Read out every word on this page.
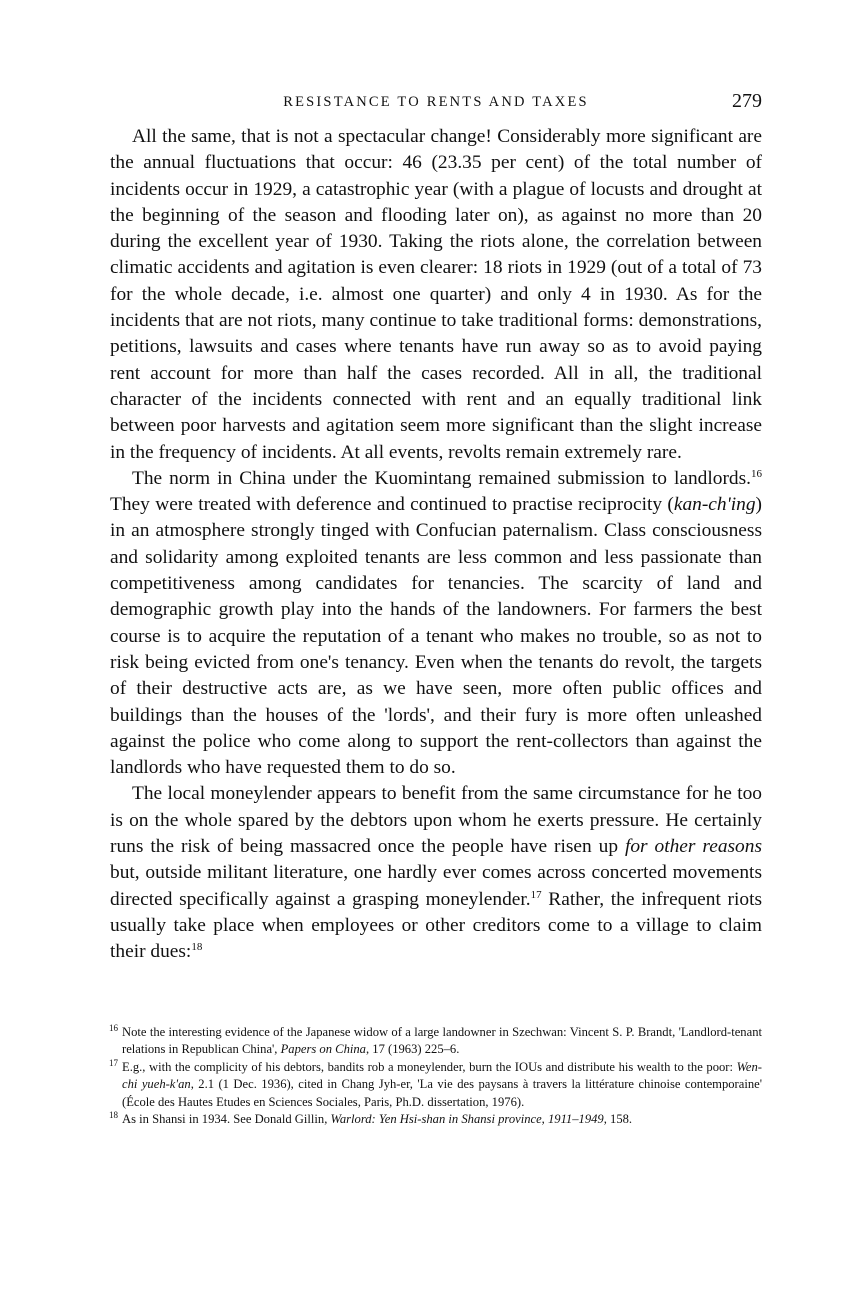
RESISTANCE TO RENTS AND TAXES	279

All the same, that is not a spectacular change! Considerably more significant are the annual fluctuations that occur: 46 (23.35 per cent) of the total number of incidents occur in 1929, a catastrophic year (with a plague of locusts and drought at the beginning of the season and flooding later on), as against no more than 20 during the excellent year of 1930. Taking the riots alone, the correlation between climatic accidents and agitation is even clearer: 18 riots in 1929 (out of a total of 73 for the whole decade, i.e. almost one quarter) and only 4 in 1930. As for the incidents that are not riots, many continue to take traditional forms: demonstrations, petitions, lawsuits and cases where tenants have run away so as to avoid paying rent account for more than half the cases recorded. All in all, the traditional character of the incidents connected with rent and an equally traditional link between poor harvests and agitation seem more significant than the slight increase in the frequency of incidents. At all events, revolts remain extremely rare.

The norm in China under the Kuomintang remained submission to landlords.$^{16}$ They were treated with deference and continued to practise reciprocity (kan-ch'ing) in an atmosphere strongly tinged with Confucian paternalism. Class consciousness and solidarity among exploited tenants are less common and less passionate than competitiveness among candidates for tenancies. The scarcity of land and demographic growth play into the hands of the landowners. For farmers the best course is to acquire the reputation of a tenant who makes no trouble, so as not to risk being evicted from one's tenancy. Even when the tenants do revolt, the targets of their destructive acts are, as we have seen, more often public offices and buildings than the houses of the 'lords', and their fury is more often unleashed against the police who come along to support the rent-collectors than against the landlords who have requested them to do so.

The local moneylender appears to benefit from the same circumstance for he too is on the whole spared by the debtors upon whom he exerts pressure. He certainly runs the risk of being massacred once the people have risen up for other reasons but, outside militant literature, one hardly ever comes across concerted movements directed specifically against a grasping moneylender.$^{17}$ Rather, the infrequent riots usually take place when employees or other creditors come to a village to claim their dues:$^{18}$

16 Note the interesting evidence of the Japanese widow of a large landowner in Szechwan: Vincent S. P. Brandt, 'Landlord-tenant relations in Republican China', Papers on China, 17 (1963) 225–6.
17 E.g., with the complicity of his debtors, bandits rob a moneylender, burn the IOUs and distribute his wealth to the poor: Wen-chi yueh-k'an, 2.1 (1 Dec. 1936), cited in Chang Jyh-er, 'La vie des paysans à travers la littérature chinoise contemporaine' (École des Hautes Etudes en Sciences Sociales, Paris, Ph.D. dissertation, 1976).
18 As in Shansi in 1934. See Donald Gillin, Warlord: Yen Hsi-shan in Shansi province, 1911–1949, 158.
